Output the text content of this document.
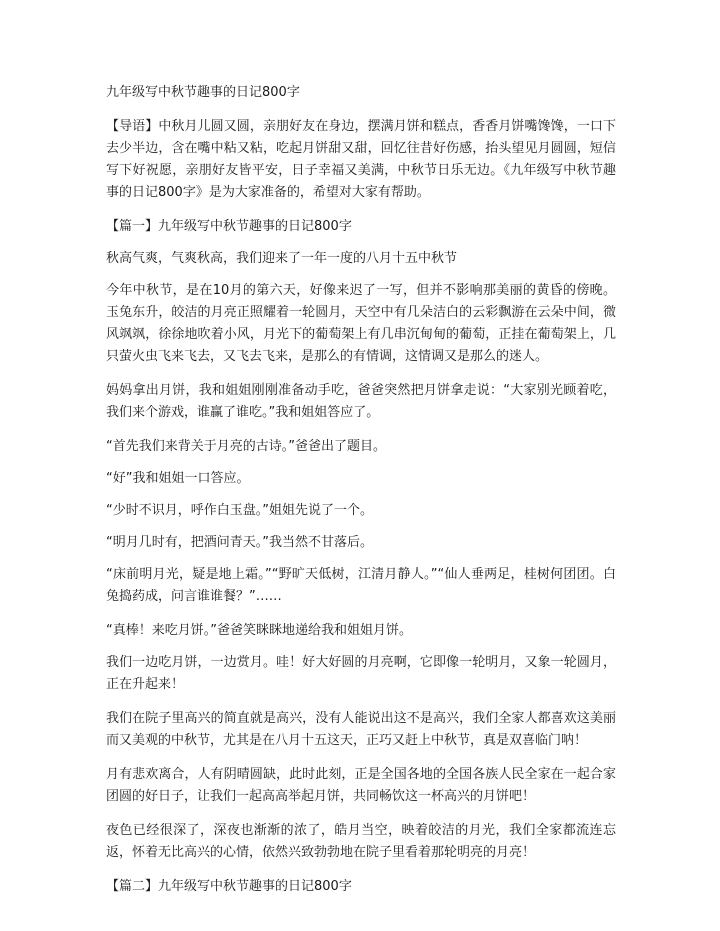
九年级写中秋节趣事的日记800字

【导语】中秋月儿圆又圆，亲朋好友在身边，摆满月饼和糕点，香香月饼嘴馋馋，一口下去少半边，含在嘴中粘又粘，吃起月饼甜又甜，回忆往昔好伤感，抬头望见月圆圆，短信写下好祝愿，亲朋好友皆平安，日子幸福又美满，中秋节日乐无边。《九年级写中秋节趣事的日记800字》是为大家准备的，希望对大家有帮助。

【篇一】九年级写中秋节趣事的日记800字

秋高气爽，气爽秋高，我们迎来了一年一度的八月十五中秋节

今年中秋节，是在10月的第六天，好像来迟了一写，但并不影响那美丽的黄昏的傍晚。玉兔东升，皎洁的月亮正照耀着一轮圆月，天空中有几朵洁白的云彩飘游在云朵中间，微风飒飒，徐徐地吹着小风，月光下的葡萄架上有几串沉甸甸的葡萄，正挂在葡萄架上，几只萤火虫飞来飞去，又飞去飞来，是那么的有情调，这情调又是那么的迷人。

妈妈拿出月饼，我和姐姐刚刚准备动手吃，爸爸突然把月饼拿走说：“大家别光顾着吃，我们来个游戏，谁赢了谁吃。”我和姐姐答应了。

“首先我们来背关于月亮的古诗。”爸爸出了题目。

“好”我和姐姐一口答应。

“少时不识月，呼作白玉盘。”姐姐先说了一个。

“明月几时有，把酒问青天。”我当然不甘落后。

“床前明月光，疑是地上霜。”“野旷天低树，江清月静人。”“仙人垂两足，桂树何团团。白兔捣药成，问言谁谁餐？”……

“真棒！来吃月饼。”爸爸笑眯眯地递给我和姐姐月饼。

我们一边吃月饼，一边赏月。哇！好大好圆的月亮啊，它即像一轮明月，又象一轮圆月，正在升起来！

我们在院子里高兴的简直就是高兴，没有人能说出这不是高兴，我们全家人都喜欢这美丽而又美观的中秋节，尤其是在八月十五这天，正巧又赶上中秋节，真是双喜临门呐！

月有悲欢离合，人有阴晴圆缺，此时此刻，正是全国各地的全国各族人民全家在一起合家团圆的好日子，让我们一起高高举起月饼，共同畅饮这一杯高兴的月饼吧！

夜色已经很深了，深夜也渐渐的浓了，皓月当空，映着皎洁的月光，我们全家都流连忘返，怀着无比高兴的心情，依然兴致勃勃地在院子里看着那轮明亮的月亮！

【篇二】九年级写中秋节趣事的日记800字
